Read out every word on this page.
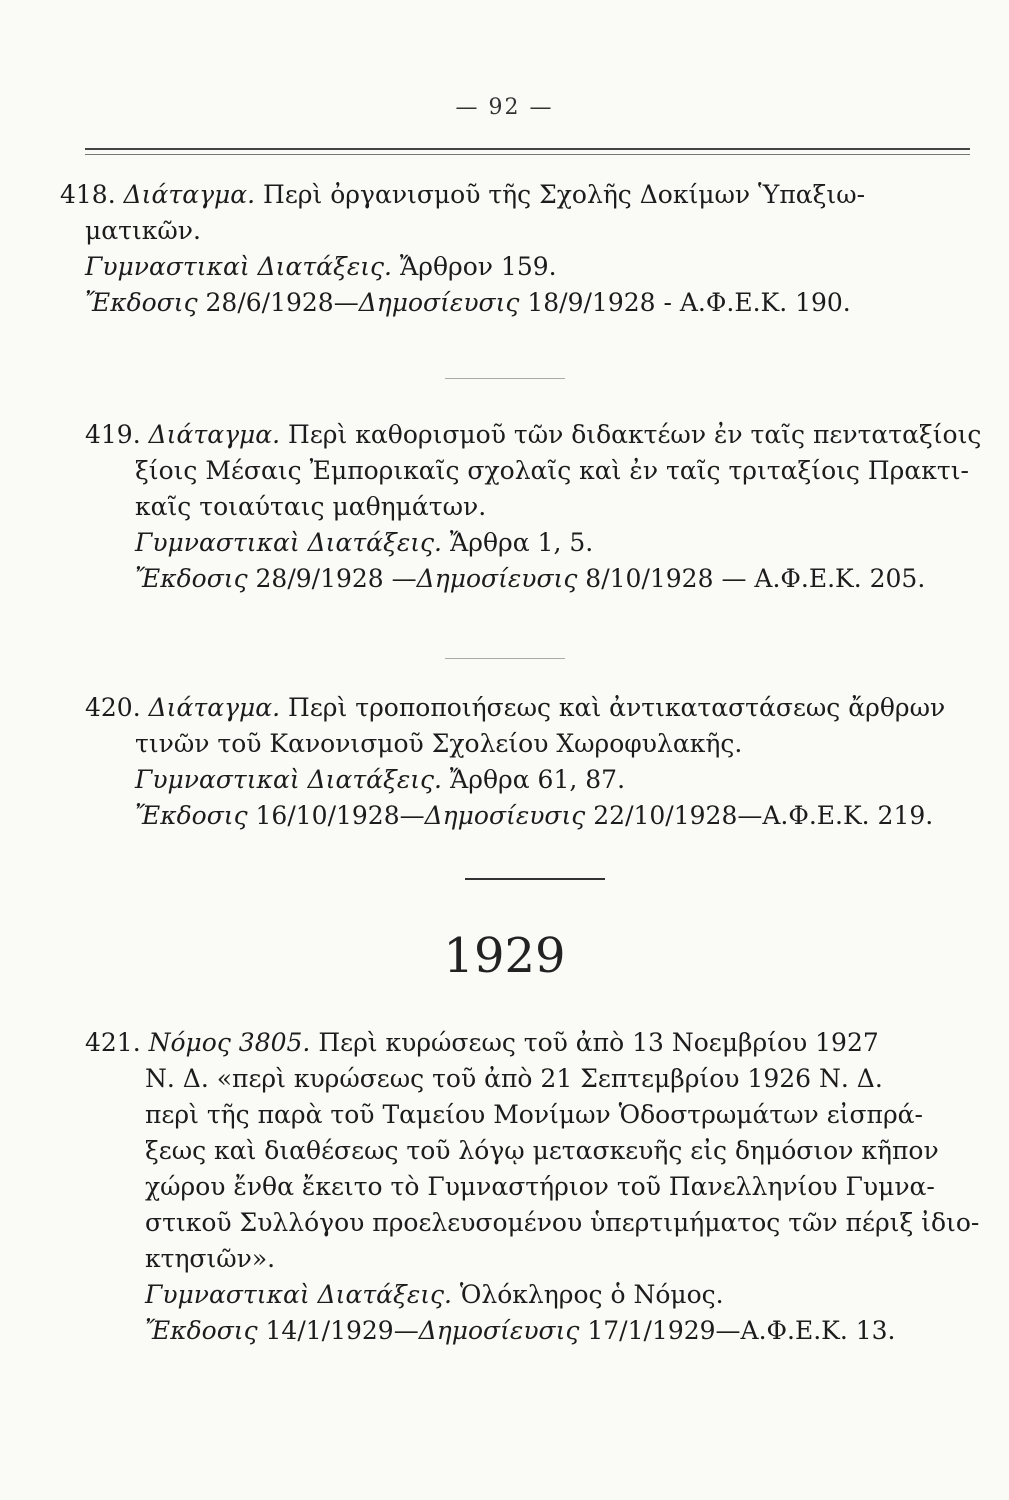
— 92 —
418. Διάταγμα. Περὶ ὀργανισμοῦ τῆς Σχολῆς Δοκίμων Ὑπαξιω-
ματικῶν.
Γυμναστικαὶ Διατάξεις. Ἄρθρον 159.
Ἔκδοσις 28/6/1928—Δημοσίευσις 18/9/1928 - Α.Φ.Ε.Κ. 190.
419. Διάταγμα. Περὶ καθορισμοῦ τῶν διδακτέων ἐν ταῖς πενταταξίοις
ξίοις Μέσαις Ἐμπορικαῖς σχολαῖς καὶ ἐν ταῖς τριταξίοις Πρακτι-
καῖς τοιαύταις μαθημάτων.
Γυμναστικαὶ Διατάξεις. Ἄρθρα 1, 5.
Ἔκδοσις 28/9/1928 —Δημοσίευσις 8/10/1928 — Α.Φ.Ε.Κ. 205.
420. Διάταγμα. Περὶ τροποποιήσεως καὶ ἀντικαταστάσεως ἄρθρων
τινῶν τοῦ Κανονισμοῦ Σχολείου Χωροφυλακῆς.
Γυμναστικαὶ Διατάξεις. Ἄρθρα 61, 87.
Ἔκδοσις 16/10/1928—Δημοσίευσις 22/10/1928—Α.Φ.Ε.Κ. 219.
1929
421. Νόμος 3805. Περὶ κυρώσεως τοῦ ἀπὸ 13 Νοεμβρίου 1927
Ν. Δ. «περὶ κυρώσεως τοῦ ἀπὸ 21 Σεπτεμβρίου 1926 Ν. Δ.
περὶ τῆς παρὰ τοῦ Ταμείου Μονίμων Ὁδοστρωμάτων εἰσπρά-
ξεως καὶ διαθέσεως τοῦ λόγῳ μετασκευῆς εἰς δημόσιον κῆπον
χώρου ἔνθα ἔκειτο τὸ Γυμναστήριον τοῦ Πανελληνίου Γυμνα-
στικοῦ Συλλόγου προελευσομένου ὑπερτιμήματος τῶν πέριξ ἰδιο-
κτησιῶν».
Γυμναστικαὶ Διατάξεις. Ὁλόκληρος ὁ Νόμος.
Ἔκδοσις 14/1/1929—Δημοσίευσις 17/1/1929—Α.Φ.Ε.Κ. 13.
